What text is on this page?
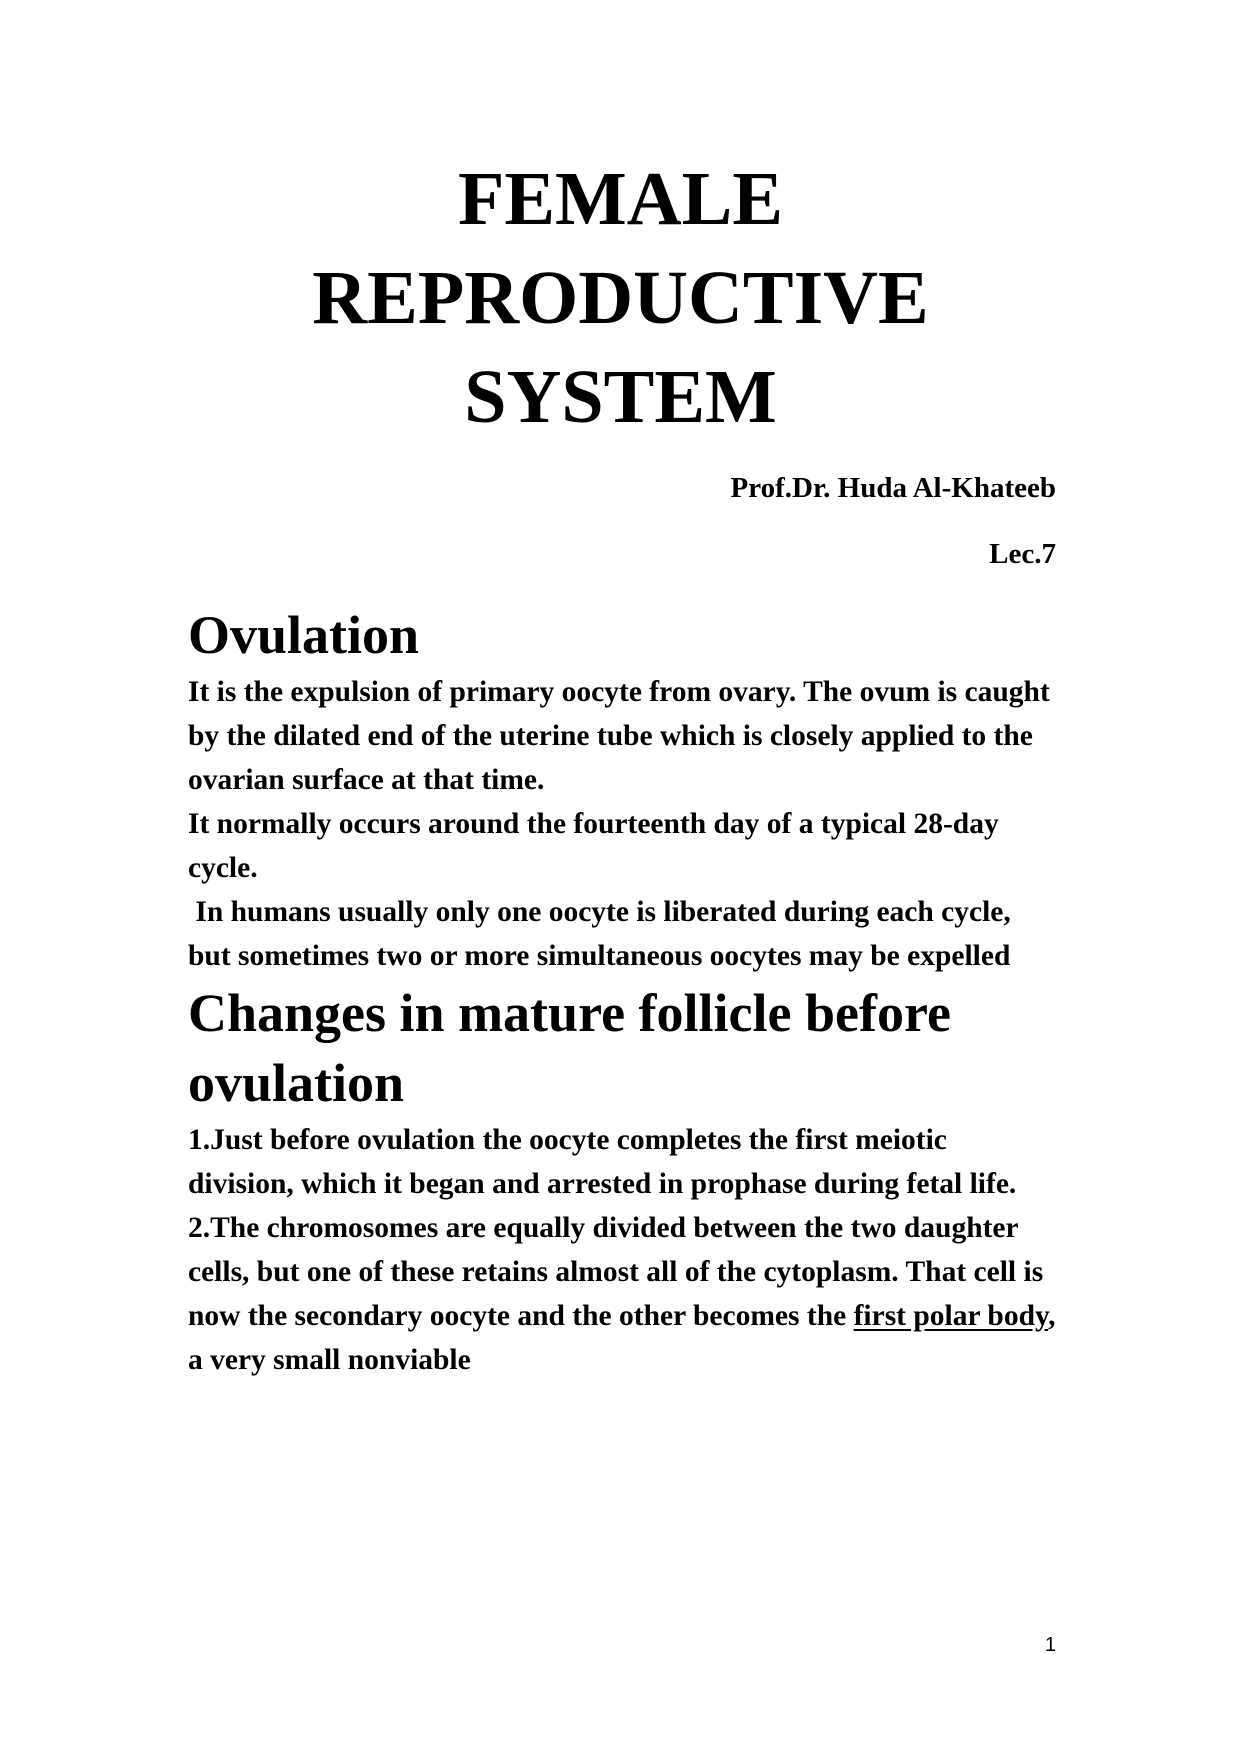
FEMALE
REPRODUCTIVE
SYSTEM

Prof.Dr. Huda Al-Khateeb

Lec.7

Ovulation

It is the expulsion of primary oocyte from ovary. The ovum is caught by the dilated end of the uterine tube which is closely applied to the ovarian surface at that time.

It normally occurs around the fourteenth day of a typical 28-day cycle.

In humans usually only one oocyte is liberated during each cycle, but sometimes two or more simultaneous oocytes may be expelled

Changes in mature follicle before ovulation

1.Just before ovulation the oocyte completes the first meiotic division, which it began and arrested in prophase during fetal life.

2.The chromosomes are equally divided between the two daughter cells, but one of these retains almost all of the cytoplasm. That cell is now the secondary oocyte and the other becomes the first polar body, a very small nonviable

1
